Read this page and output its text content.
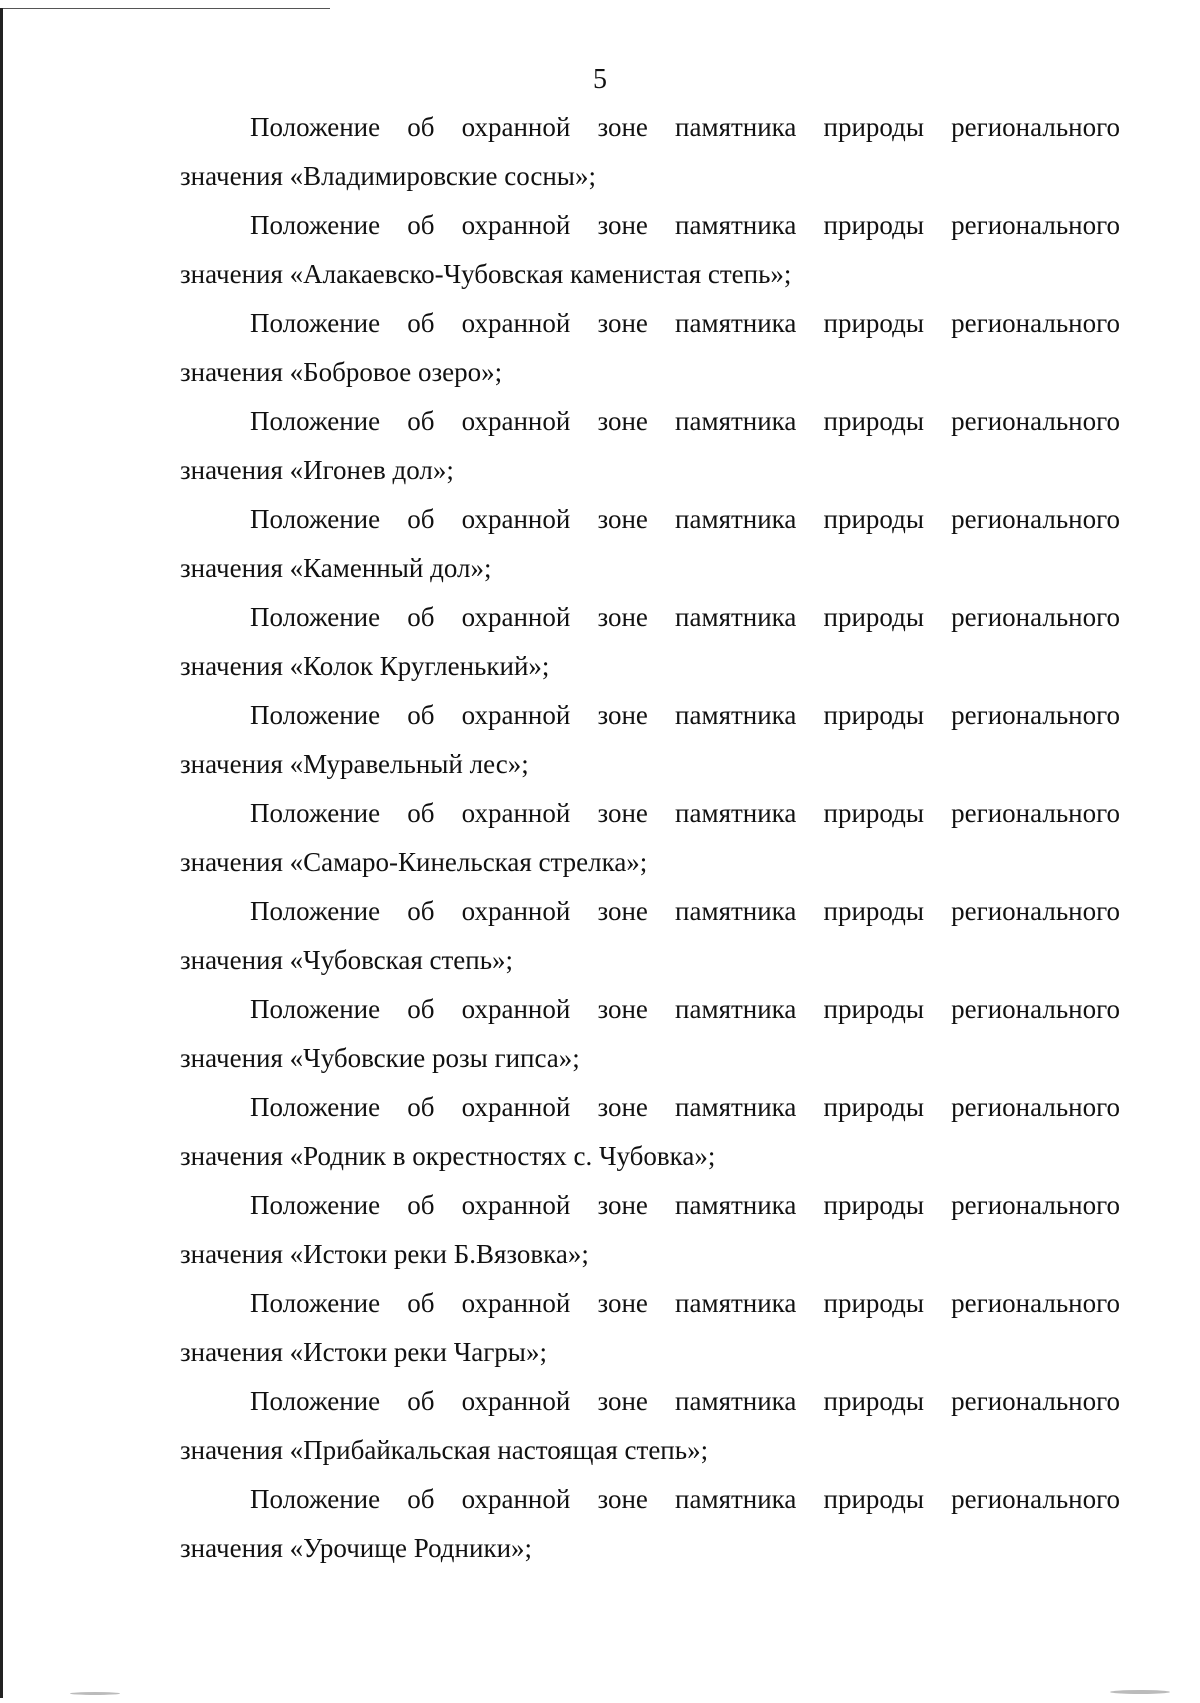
5
Положение об охранной зоне памятника природы регионального
значения «Владимировские сосны»;
Положение об охранной зоне памятника природы регионального
значения «Алакаевско-Чубовская каменистая степь»;
Положение об охранной зоне памятника природы регионального
значения «Бобровое озеро»;
Положение об охранной зоне памятника природы регионального
значения «Игонев дол»;
Положение об охранной зоне памятника природы регионального
значения «Каменный дол»;
Положение об охранной зоне памятника природы регионального
значения «Колок Кругленький»;
Положение об охранной зоне памятника природы регионального
значения «Муравельный лес»;
Положение об охранной зоне памятника природы регионального
значения «Самаро-Кинельская стрелка»;
Положение об охранной зоне памятника природы регионального
значения «Чубовская степь»;
Положение об охранной зоне памятника природы регионального
значения «Чубовские розы гипса»;
Положение об охранной зоне памятника природы регионального
значения «Родник в окрестностях с. Чубовка»;
Положение об охранной зоне памятника природы регионального
значения «Истоки реки Б.Вязовка»;
Положение об охранной зоне памятника природы регионального
значения «Истоки реки Чагры»;
Положение об охранной зоне памятника природы регионального
значения «Прибайкальская настоящая степь»;
Положение об охранной зоне памятника природы регионального
значения «Урочище Родники»;
